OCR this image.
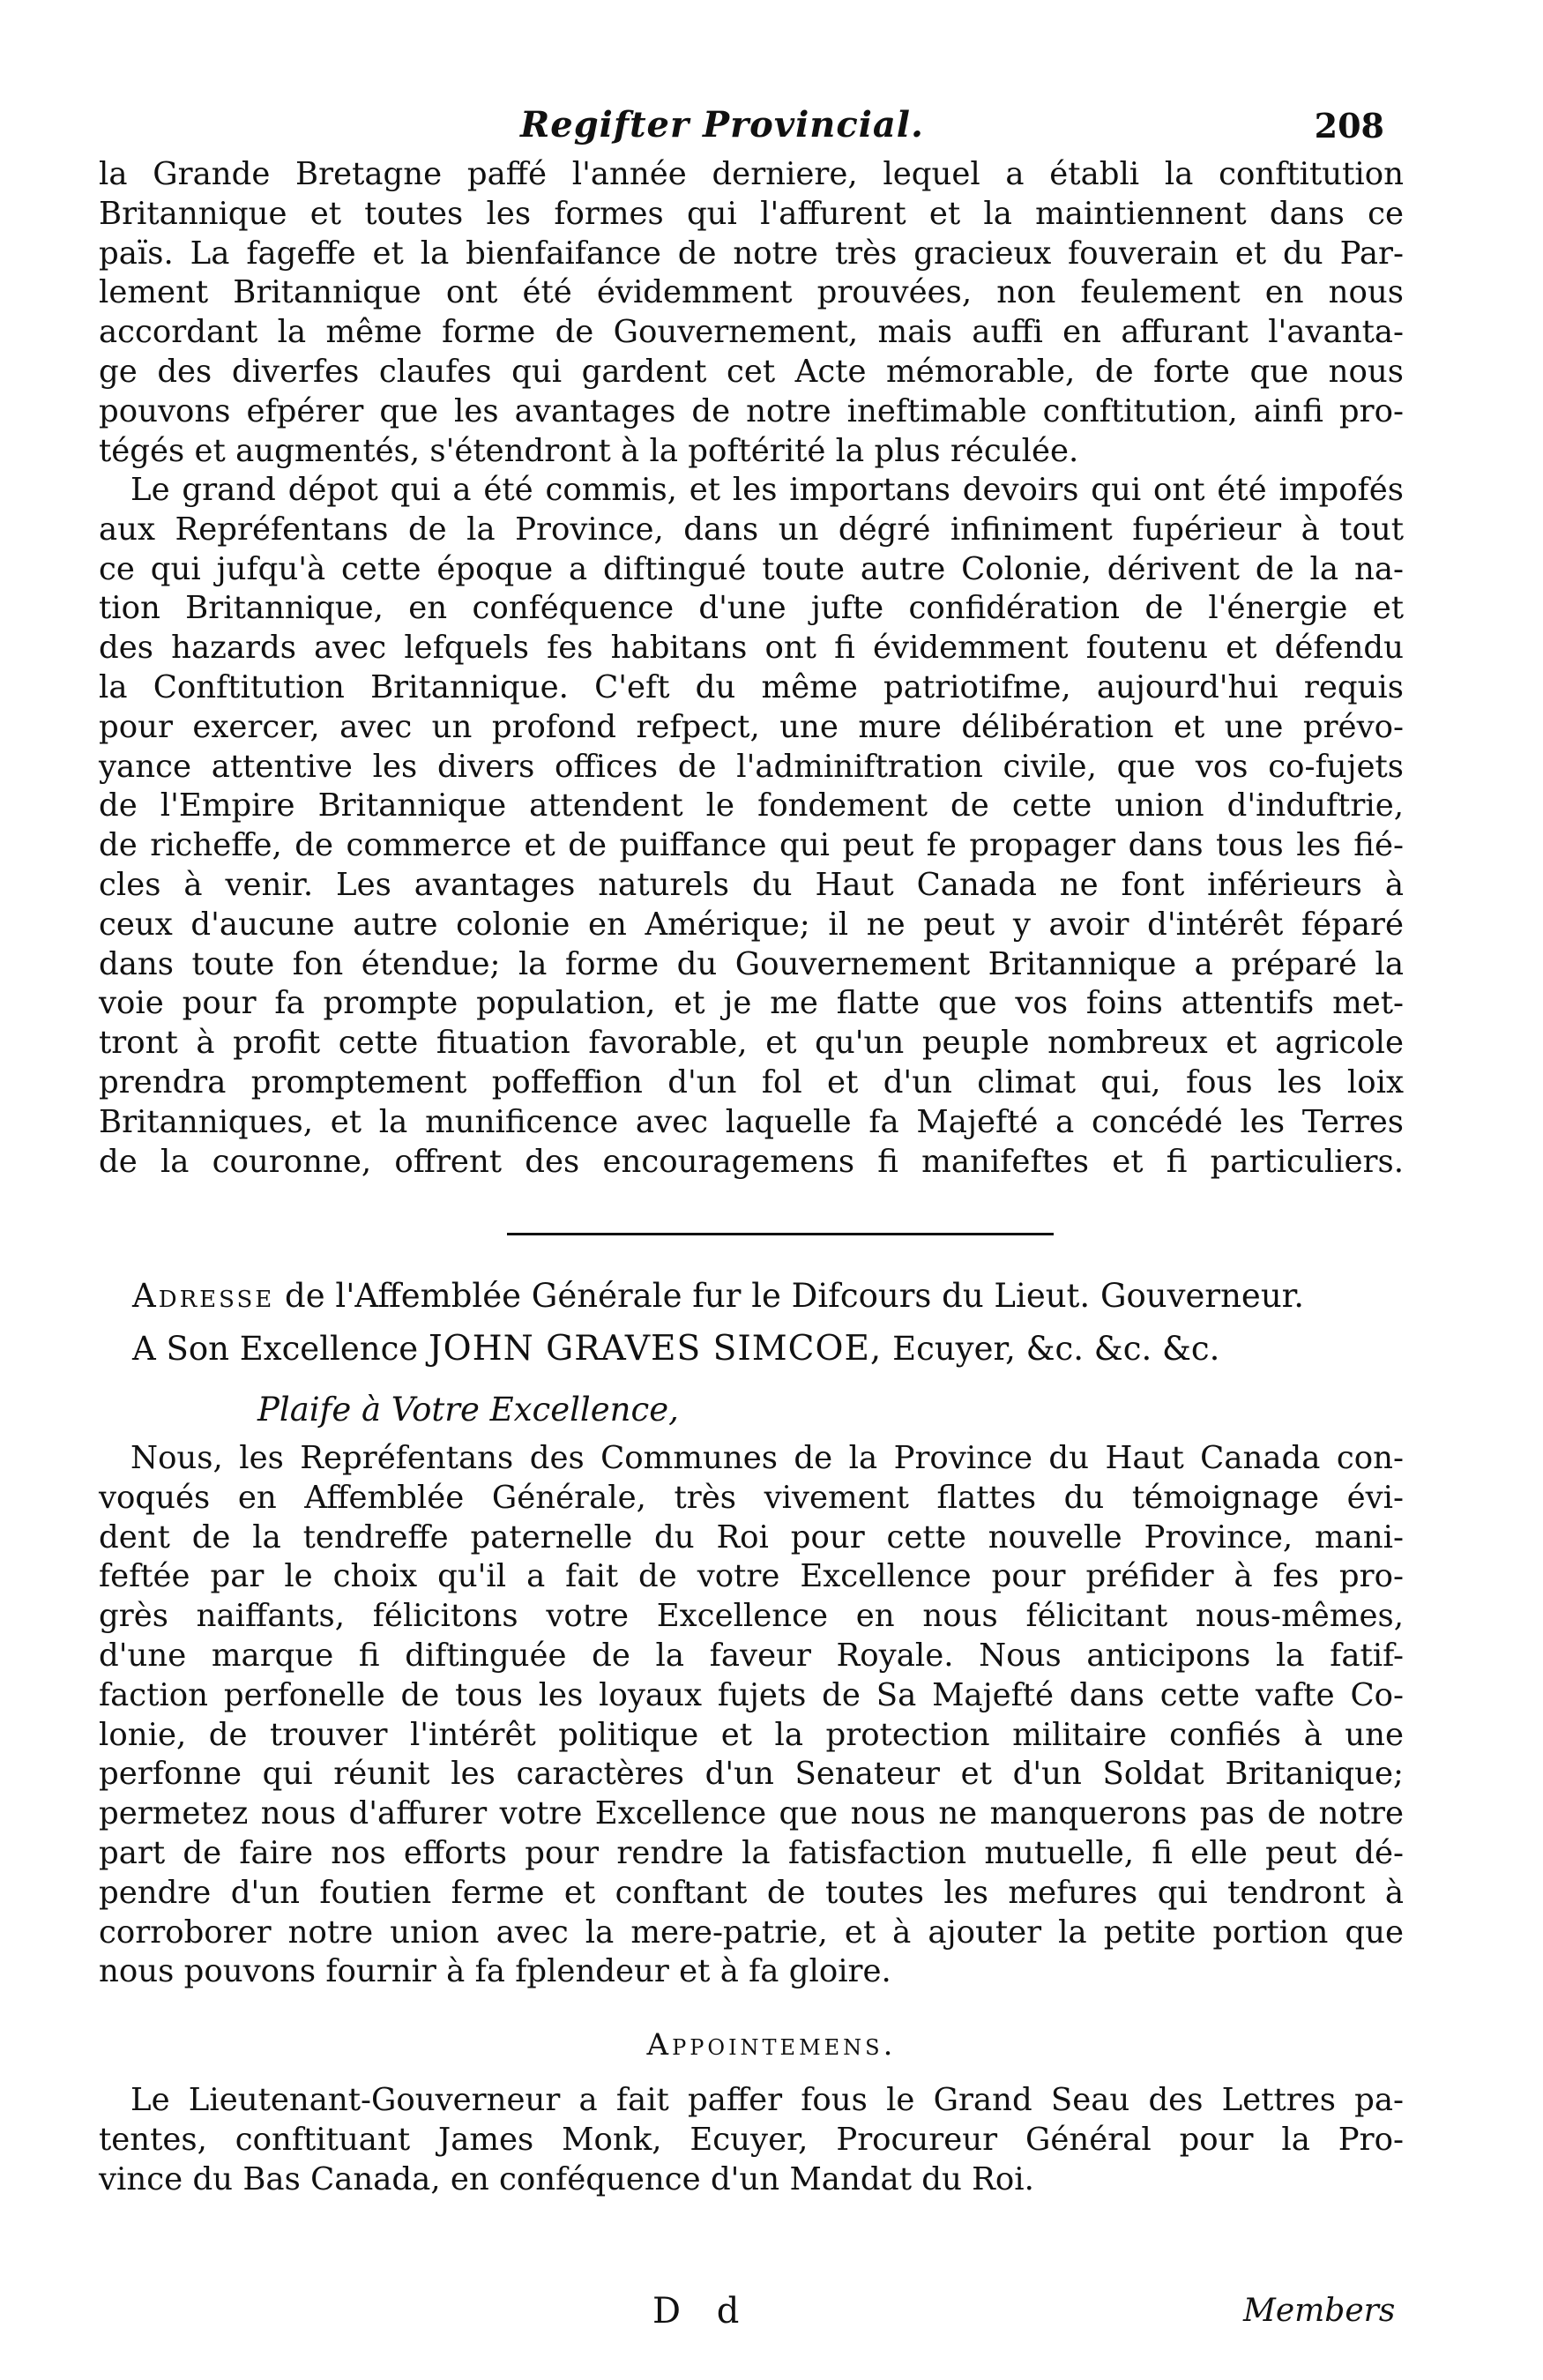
Regifter Provincial.	208
la Grande Bretagne paffé l'année derniere, lequel a établi la conftitution
Britannique et toutes les formes qui l'affurent et la maintiennent dans ce
païs. La fageffe et la bienfaifance de notre très gracieux fouverain et du Par-
lement Britannique ont été évidemment prouvées, non feulement en nous
accordant la même forme de Gouvernement, mais auffi en affurant l'avanta-
ge des diverfes claufes qui gardent cet Acte mémorable, de forte que nous
pouvons efpérer que les avantages de notre ineftimable conftitution, ainfi pro-
tégés et augmentés, s'étendront à la poftérité la plus réculée.
Le grand dépot qui a été commis, et les importans devoirs qui ont été impofés
aux Repréfentans de la Province, dans un dégré infiniment fupérieur à tout
ce qui jufqu'à cette époque a diftingué toute autre Colonie, dérivent de la na-
tion Britannique, en conféquence d'une jufte confidération de l'énergie et
des hazards avec lefquels fes habitans ont fi évidemment foutenu et défendu
la Conftitution Britannique. C'eft du même patriotifme, aujourd'hui requis
pour exercer, avec un profond refpect, une mure délibération et une prévo-
yance attentive les divers offices de l'adminiftration civile, que vos co-fujets
de l'Empire Britannique attendent le fondement de cette union d'induftrie,
de richeffe, de commerce et de puiffance qui peut fe propager dans tous les fié-
cles à venir. Les avantages naturels du Haut Canada ne font inférieurs à
ceux d'aucune autre colonie en Amérique; il ne peut y avoir d'intérêt féparé
dans toute fon étendue; la forme du Gouvernement Britannique a préparé la
voie pour fa prompte population, et je me flatte que vos foins attentifs met-
tront à profit cette fituation favorable, et qu'un peuple nombreux et agricole
prendra promptement poffeffion d'un fol et d'un climat qui, fous les loix
Britanniques, et la munificence avec laquelle fa Majefté a concédé les Terres
de la couronne, offrent des encouragemens fi manifeftes et fi particuliers.
Adresse de l'Affemblée Générale fur le Difcours du Lieut. Gouverneur.
A Son Excellence JOHN GRAVES SIMCOE, Ecuyer, &c. &c. &c.
Plaife à Votre Excellence,
Nous, les Repréfentans des Communes de la Province du Haut Canada con-
voqués en Affemblée Générale, très vivement flattes du témoignage évi-
dent de la tendreffe paternelle du Roi pour cette nouvelle Province, mani-
feftée par le choix qu'il a fait de votre Excellence pour préfider à fes pro-
grès naiffants, félicitons votre Excellence en nous félicitant nous-mêmes,
d'une marque fi diftinguée de la faveur Royale. Nous anticipons la fatif-
faction perfonelle de tous les loyaux fujets de Sa Majefté dans cette vafte Co-
lonie, de trouver l'intérêt politique et la protection militaire confiés à une
perfonne qui réunit les caractères d'un Senateur et d'un Soldat Britanique;
permetez nous d'affurer votre Excellence que nous ne manquerons pas de notre
part de faire nos efforts pour rendre la fatisfaction mutuelle, fi elle peut dé-
pendre d'un foutien ferme et conftant de toutes les mefures qui tendront à
corroborer notre union avec la mere-patrie, et à ajouter la petite portion que
nous pouvons fournir à fa fplendeur et à fa gloire.
Appointemens.
Le Lieutenant-Gouverneur a fait paffer fous le Grand Seau des Lettres pa-
tentes, conftituant James Monk, Ecuyer, Procureur Général pour la Pro-
vince du Bas Canada, en conféquence d'un Mandat du Roi.
D d	Members
